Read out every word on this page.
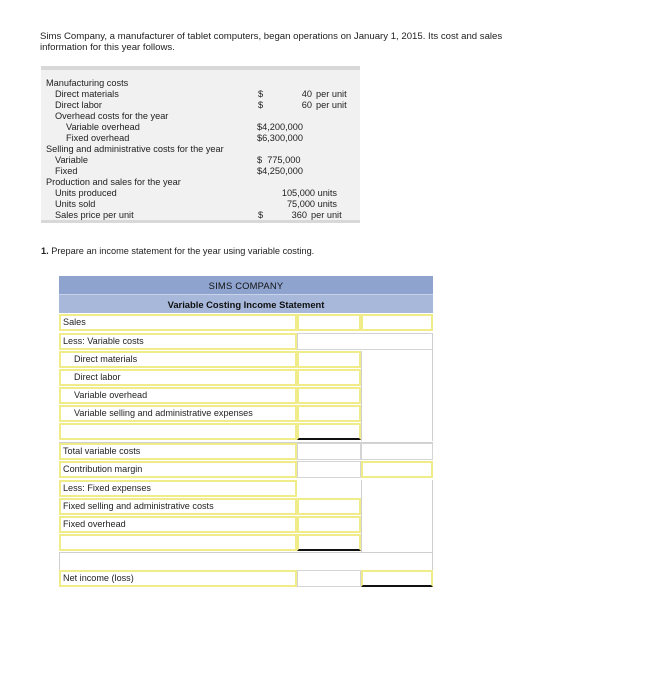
Sims Company, a manufacturer of tablet computers, began operations on January 1, 2015. Its cost and sales information for this year follows.
Manufacturing costs
Direct materials	$	40 per unit
Direct labor	$	60 per unit
Overhead costs for the year
Variable overhead	$4,200,000
Fixed overhead	$6,300,000
Selling and administrative costs for the year
Variable	$  775,000
Fixed	$4,250,000
Production and sales for the year
Units produced	105,000 units
Units sold	75,000 units
Sales price per unit	$	360 per unit
1. Prepare an income statement for the year using variable costing.
SIMS COMPANY
Variable Costing Income Statement
Sales
Less: Variable costs
Direct materials
Direct labor
Variable overhead
Variable selling and administrative expenses
Total variable costs
Contribution margin
Less: Fixed expenses
Fixed selling and administrative costs
Fixed overhead
Net income (loss)
